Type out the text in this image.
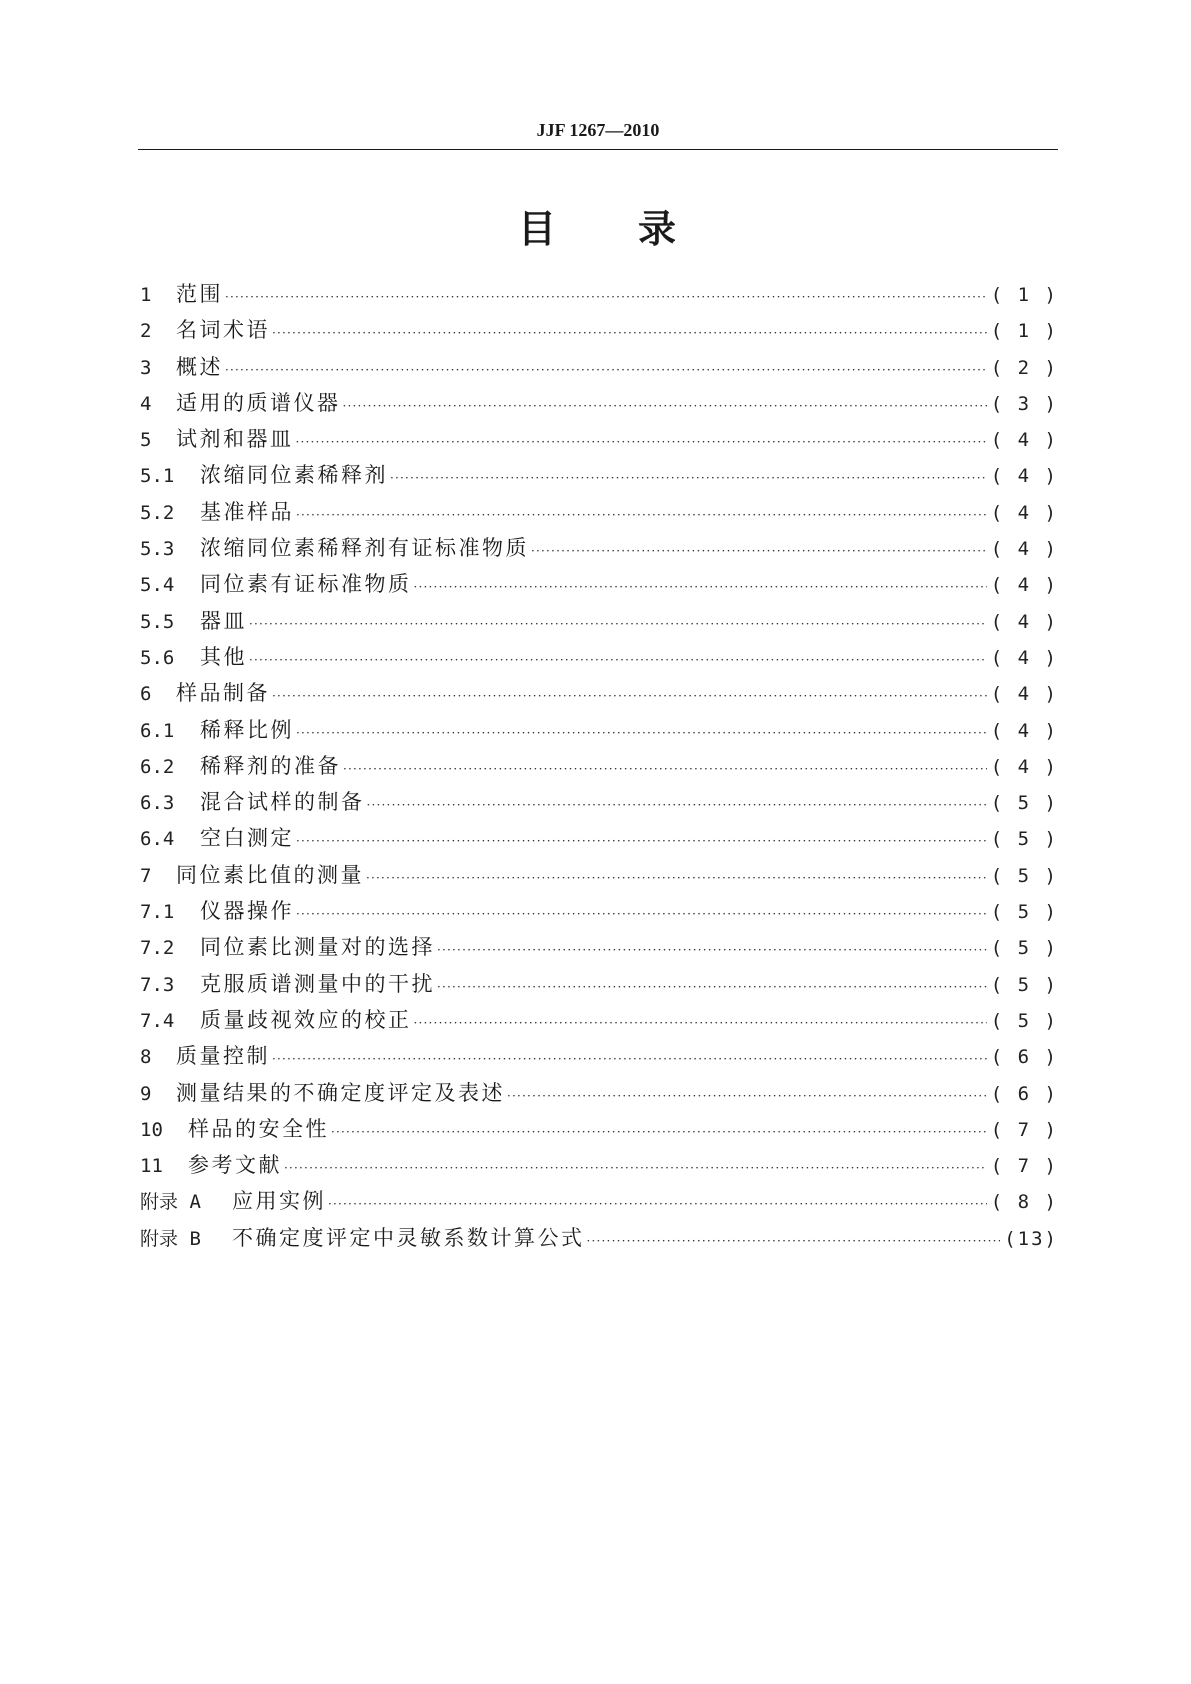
JJF 1267—2010
目 录
1	范围 ·····	( 1 )
2	名词术语 ·····	( 1 )
3	概述 ·····	( 2 )
4	适用的质谱仪器 ·····	( 3 )
5	试剂和器皿 ·····	( 4 )
5.1	浓缩同位素稀释剂 ·····	( 4 )
5.2	基准样品 ·····	( 4 )
5.3	浓缩同位素稀释剂有证标准物质 ·····	( 4 )
5.4	同位素有证标准物质 ·····	( 4 )
5.5	器皿 ·····	( 4 )
5.6	其他 ·····	( 4 )
6	样品制备 ·····	( 4 )
6.1	稀释比例 ·····	( 4 )
6.2	稀释剂的准备 ·····	( 4 )
6.3	混合试样的制备 ·····	( 5 )
6.4	空白测定 ·····	( 5 )
7	同位素比值的测量 ·····	( 5 )
7.1	仪器操作 ·····	( 5 )
7.2	同位素比测量对的选择 ·····	( 5 )
7.3	克服质谱测量中的干扰 ·····	( 5 )
7.4	质量歧视效应的校正 ·····	( 5 )
8	质量控制 ·····	( 6 )
9	测量结果的不确定度评定及表述 ·····	( 6 )
10	样品的安全性 ·····	( 7 )
11	参考文献 ·····	( 7 )
附录 A	应用实例 ·····	( 8 )
附录 B	不确定度评定中灵敏系数计算公式 ·····	(13)
